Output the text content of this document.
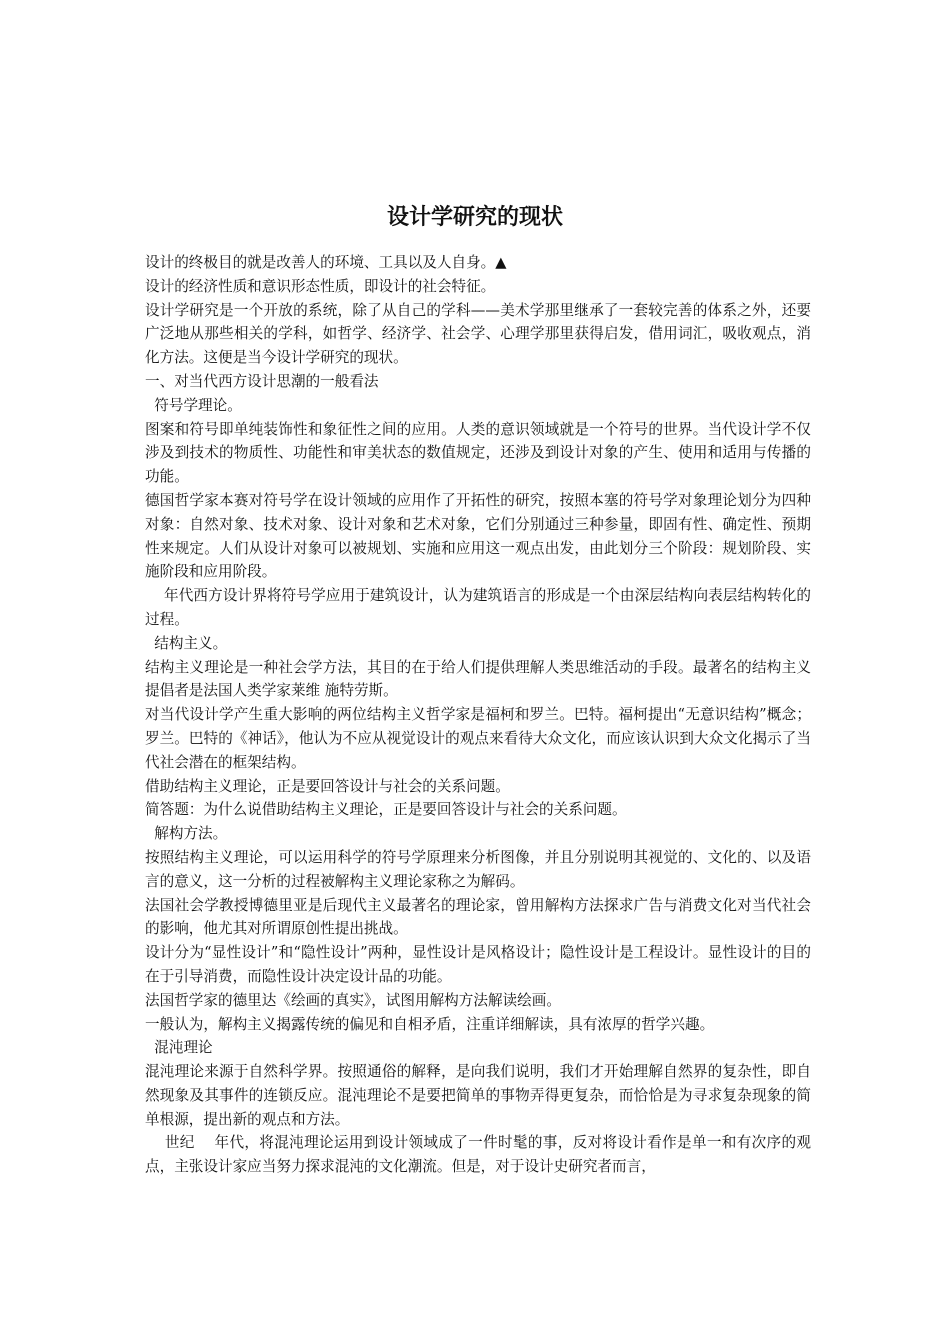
设计学研究的现状

设计的终极目的就是改善人的环境、工具以及人自身。▲

设计的经济性质和意识形态性质，即设计的社会特征。

设计学研究是一个开放的系统，除了从自己的学科——美术学那里继承了一套较完善的体系之外，还要广泛地从那些相关的学科，如哲学、经济学、社会学、心理学那里获得启发，借用词汇，吸收观点，消化方法。这便是当今设计学研究的现状。

一、对当代西方设计思潮的一般看法

符号学理论。

图案和符号即单纯装饰性和象征性之间的应用。人类的意识领域就是一个符号的世界。当代设计学不仅涉及到技术的物质性、功能性和审美状态的数值规定，还涉及到设计对象的产生、使用和适用与传播的功能。

德国哲学家本赛对符号学在设计领域的应用作了开拓性的研究，按照本塞的符号学对象理论划分为四种对象：自然对象、技术对象、设计对象和艺术对象，它们分别通过三种参量，即固有性、确定性、预期性来规定。人们从设计对象可以被规划、实施和应用这一观点出发，由此划分三个阶段：规划阶段、实施阶段和应用阶段。

年代西方设计界将符号学应用于建筑设计，认为建筑语言的形成是一个由深层结构向表层结构转化的过程。

结构主义。

结构主义理论是一种社会学方法，其目的在于给人们提供理解人类思维活动的手段。最著名的结构主义提倡者是法国人类学家莱维 施特劳斯。

对当代设计学产生重大影响的两位结构主义哲学家是福柯和罗兰。巴特。福柯提出“无意识结构”概念；罗兰。巴特的《神话》，他认为不应从视觉设计的观点来看待大众文化，而应该认识到大众文化揭示了当代社会潜在的框架结构。

借助结构主义理论，正是要回答设计与社会的关系问题。

简答题：为什么说借助结构主义理论，正是要回答设计与社会的关系问题。

解构方法。

按照结构主义理论，可以运用科学的符号学原理来分析图像，并且分别说明其视觉的、文化的、以及语言的意义，这一分析的过程被解构主义理论家称之为解码。

法国社会学教授博德里亚是后现代主义最著名的理论家，曾用解构方法探求广告与消费文化对当代社会的影响，他尤其对所谓原创性提出挑战。

设计分为“显性设计”和“隐性设计”两种，显性设计是风格设计；隐性设计是工程设计。显性设计的目的在于引导消费，而隐性设计决定设计品的功能。

法国哲学家的德里达《绘画的真实》，试图用解构方法解读绘画。

一般认为，解构主义揭露传统的偏见和自相矛盾，注重详细解读，具有浓厚的哲学兴趣。

混沌理论

混沌理论来源于自然科学界。按照通俗的解释，是向我们说明，我们才开始理解自然界的复杂性，即自然现象及其事件的连锁反应。混沌理论不是要把简单的事物弄得更复杂，而恰恰是为寻求复杂现象的简单根源，提出新的观点和方法。

世纪    年代，将混沌理论运用到设计领域成了一件时髦的事，反对将设计看作是单一和有次序的观点，主张设计家应当努力探求混沌的文化潮流。但是，对于设计史研究者而言，
